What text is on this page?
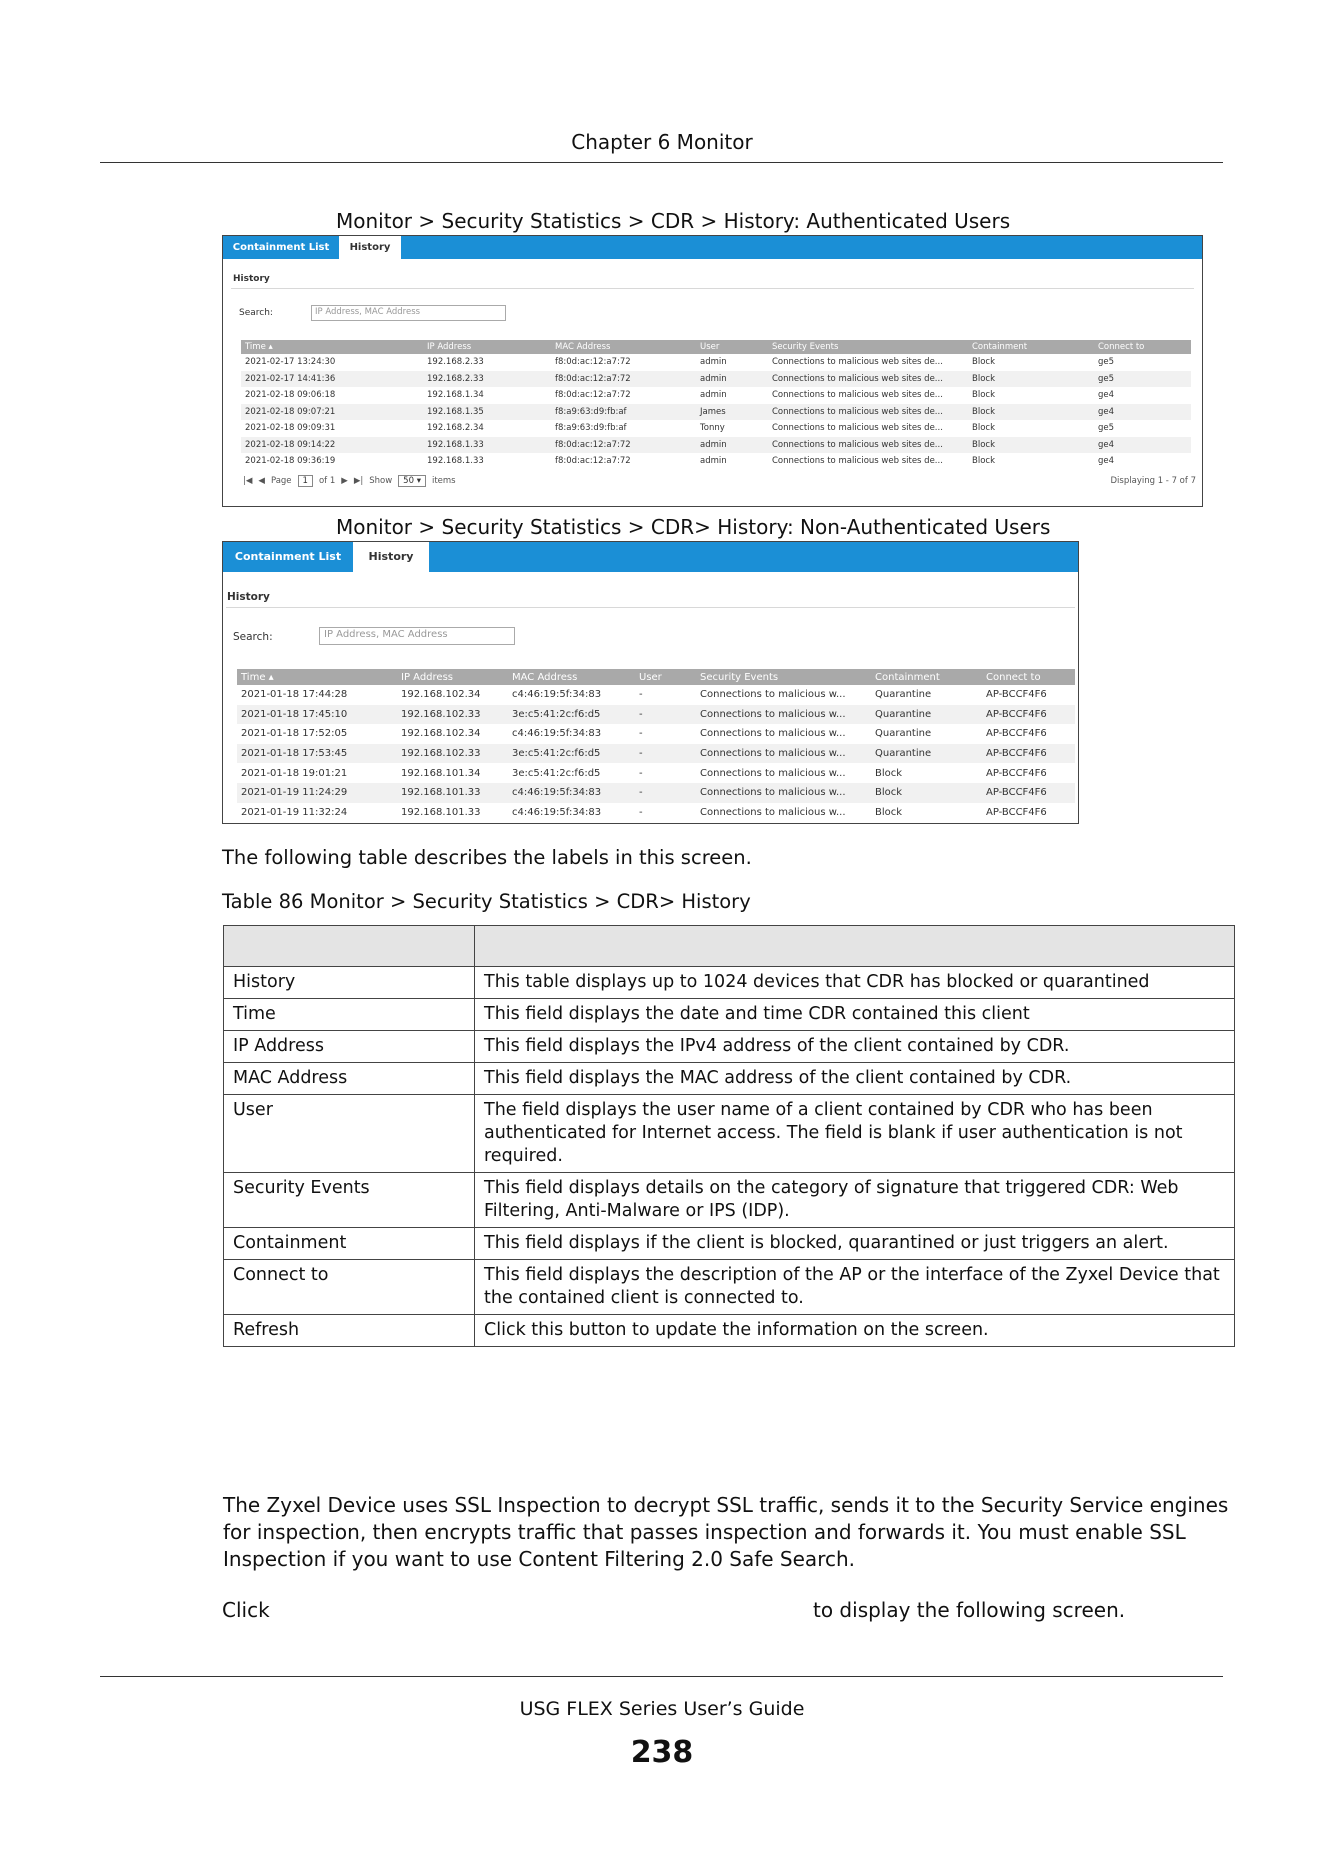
Chapter 6 Monitor
Monitor > Security Statistics > CDR > History: Authenticated Users
Containment List	History
History
Search:	IP Address, MAC Address
Time ▴	IP Address	MAC Address	User	Security Events	Containment	Connect to
2021-02-17 13:24:30	192.168.2.33	f8:0d:ac:12:a7:72	admin	Connections to malicious web sites de...	Block	ge5
2021-02-17 14:41:36	192.168.2.33	f8:0d:ac:12:a7:72	admin	Connections to malicious web sites de...	Block	ge5
2021-02-18 09:06:18	192.168.1.34	f8:0d:ac:12:a7:72	admin	Connections to malicious web sites de...	Block	ge4
2021-02-18 09:07:21	192.168.1.35	f8:a9:63:d9:fb:af	James	Connections to malicious web sites de...	Block	ge4
2021-02-18 09:09:31	192.168.2.34	f8:a9:63:d9:fb:af	Tonny	Connections to malicious web sites de...	Block	ge5
2021-02-18 09:14:22	192.168.1.33	f8:0d:ac:12:a7:72	admin	Connections to malicious web sites de...	Block	ge4
2021-02-18 09:36:19	192.168.1.33	f8:0d:ac:12:a7:72	admin	Connections to malicious web sites de...	Block	ge4
|◀ ◀ Page	1	of 1 ▶ ▶| Show	50 ▾	items	Displaying 1 - 7 of 7
Monitor > Security Statistics > CDR> History: Non-Authenticated Users
Containment List	History
History
Search:	IP Address, MAC Address
Time ▴	IP Address	MAC Address	User	Security Events	Containment	Connect to
2021-01-18 17:44:28	192.168.102.34	c4:46:19:5f:34:83	-	Connections to malicious w...	Quarantine	AP-BCCF4F6
2021-01-18 17:45:10	192.168.102.33	3e:c5:41:2c:f6:d5	-	Connections to malicious w...	Quarantine	AP-BCCF4F6
2021-01-18 17:52:05	192.168.102.34	c4:46:19:5f:34:83	-	Connections to malicious w...	Quarantine	AP-BCCF4F6
2021-01-18 17:53:45	192.168.102.33	3e:c5:41:2c:f6:d5	-	Connections to malicious w...	Quarantine	AP-BCCF4F6
2021-01-18 19:01:21	192.168.101.34	3e:c5:41:2c:f6:d5	-	Connections to malicious w...	Block	AP-BCCF4F6
2021-01-19 11:24:29	192.168.101.33	c4:46:19:5f:34:83	-	Connections to malicious w...	Block	AP-BCCF4F6
2021-01-19 11:32:24	192.168.101.33	c4:46:19:5f:34:83	-	Connections to malicious w...	Block	AP-BCCF4F6
The following table describes the labels in this screen.
Table 86 Monitor > Security Statistics > CDR> History

History	This table displays up to 1024 devices that CDR has blocked or quarantined
Time	This field displays the date and time CDR contained this client
IP Address	This field displays the IPv4 address of the client contained by CDR.
MAC Address	This field displays the MAC address of the client contained by CDR.
User	The field displays the user name of a client contained by CDR who has been authenticated for Internet access. The field is blank if user authentication is not required.
Security Events	This field displays details on the category of signature that triggered CDR: Web Filtering, Anti-Malware or IPS (IDP).
Containment	This field displays if the client is blocked, quarantined or just triggers an alert.
Connect to	This field displays the description of the AP or the interface of the Zyxel Device that the contained client is connected to.
Refresh	Click this button to update the information on the screen.
The Zyxel Device uses SSL Inspection to decrypt SSL traffic, sends it to the Security Service engines for inspection, then encrypts traffic that passes inspection and forwards it. You must enable SSL Inspection if you want to use Content Filtering 2.0 Safe Search.
Click	to display the following screen.
USG FLEX Series User’s Guide
238
